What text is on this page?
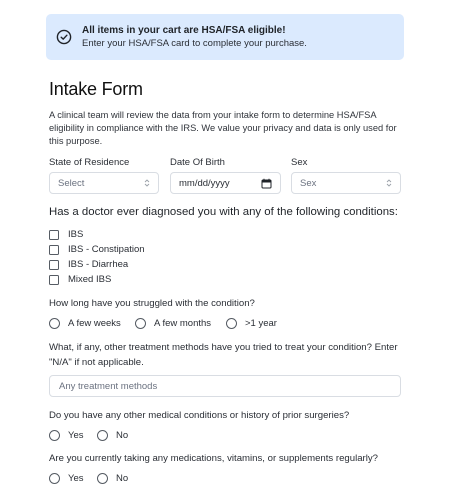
All items in your cart are HSA/FSA eligible!
Enter your HSA/FSA card to complete your purchase.
Intake Form
A clinical team will review the data from your intake form to determine HSA/FSA eligibility in compliance with the IRS. We value your privacy and data is only used for this purpose.
State of Residence
Select
Date Of Birth
mm/dd/yyyy
Sex
Sex
Has a doctor ever diagnosed you with any of the following conditions:
IBS
IBS - Constipation
IBS - Diarrhea
Mixed IBS
How long have you struggled with the condition?
A few weeks	A few months	>1 year
What, if any, other treatment methods have you tried to treat your condition? Enter "N/A" if not applicable.
Any treatment methods
Do you have any other medical conditions or history of prior surgeries?
Yes	No
Are you currently taking any medications, vitamins, or supplements regularly?
Yes	No
